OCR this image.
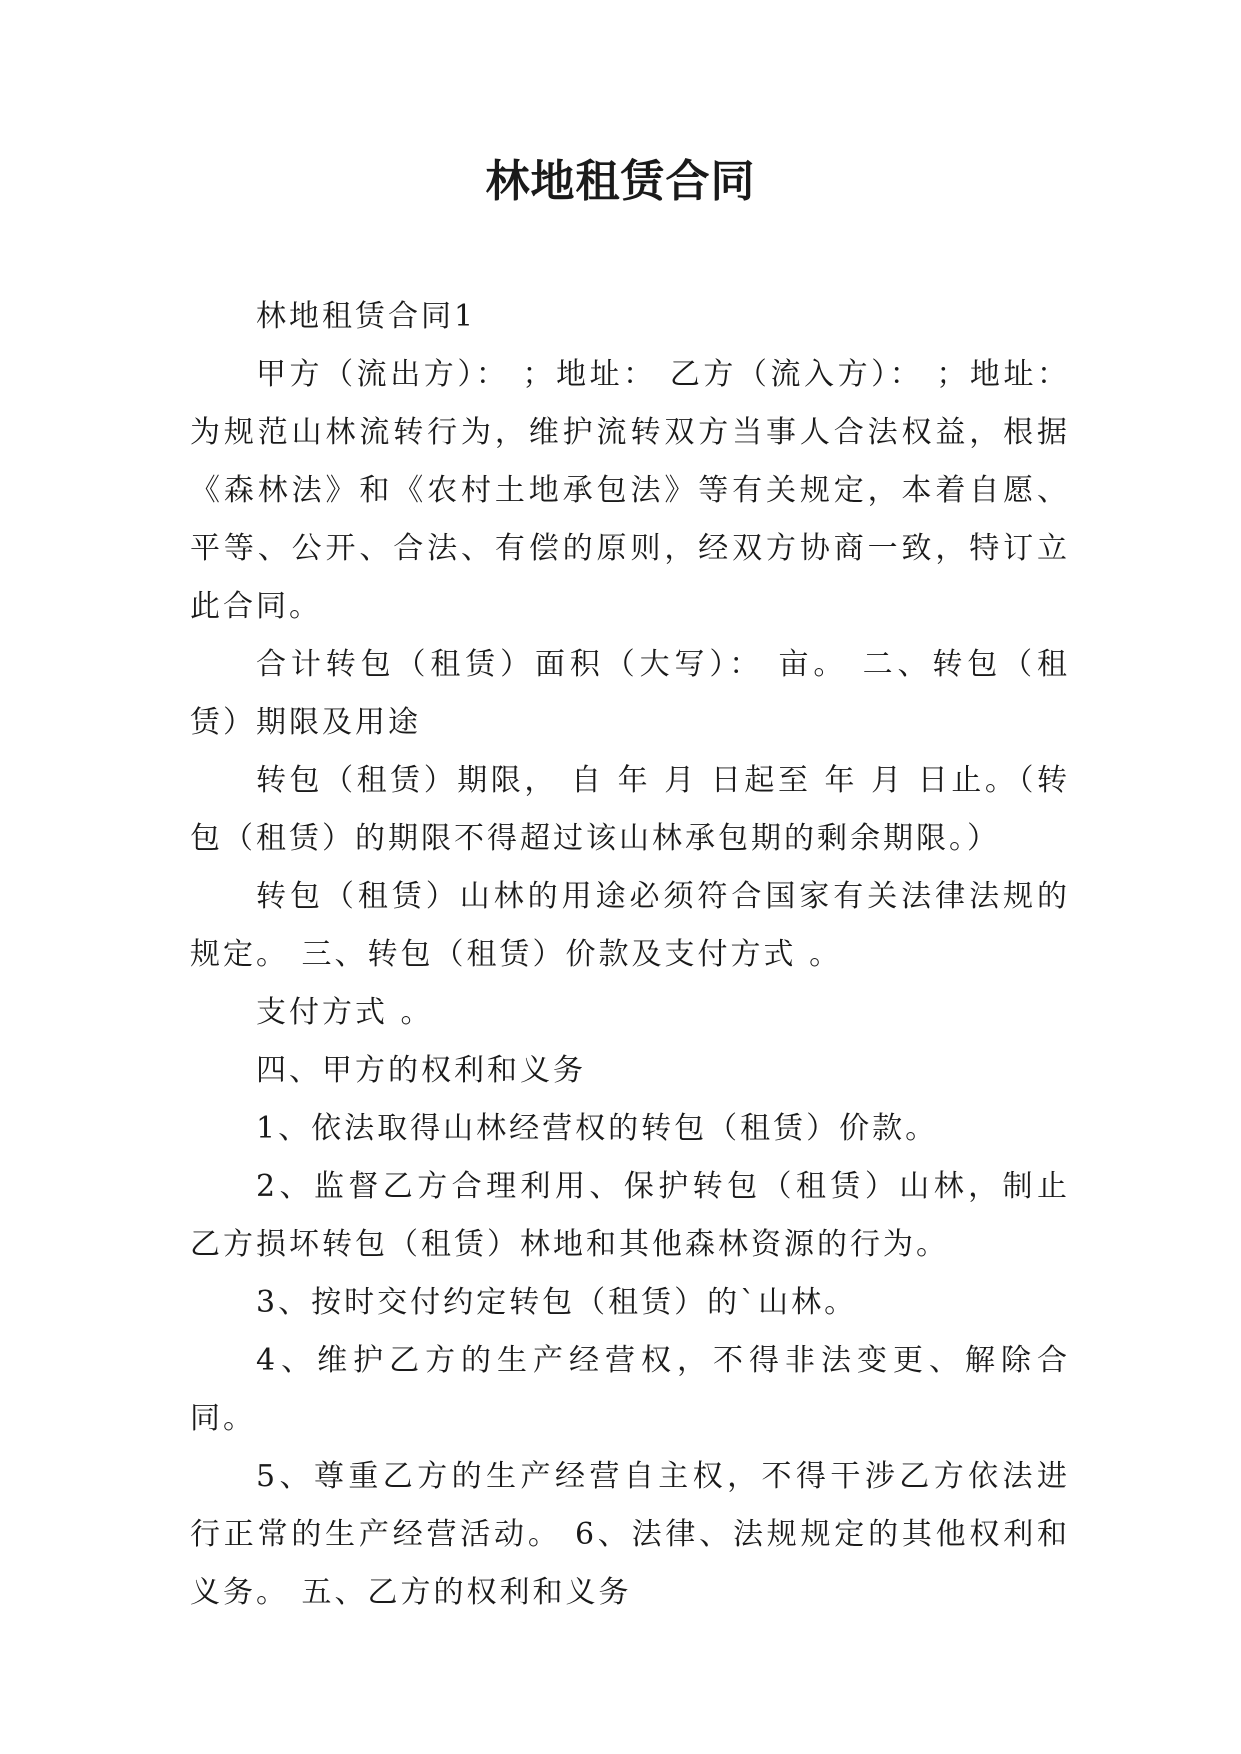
林地租赁合同

林地租赁合同1

甲方（流出方）： ；地址： 乙方（流入方）： ；地址：为规范山林流转行为，维护流转双方当事人合法权益，根据《森林法》和《农村土地承包法》等有关规定，本着自愿、平等、公开、合法、有偿的原则，经双方协商一致，特订立此合同。

合计转包（租赁）面积（大写）： 亩。 二、转包（租赁）期限及用途

转包（租赁）期限， 自 年 月 日起至 年 月 日止。（转包（租赁）的期限不得超过该山林承包期的剩余期限。）

转包（租赁）山林的用途必须符合国家有关法律法规的规定。 三、转包（租赁）价款及支付方式 。

支付方式 。

四、甲方的权利和义务

1、依法取得山林经营权的转包（租赁）价款。

2、监督乙方合理利用、保护转包（租赁）山林，制止乙方损坏转包（租赁）林地和其他森林资源的行为。

3、按时交付约定转包（租赁）的`山林。

4、维护乙方的生产经营权，不得非法变更、解除合同。

5、尊重乙方的生产经营自主权，不得干涉乙方依法进行正常的生产经营活动。 6、法律、法规规定的其他权利和义务。 五、乙方的权利和义务
